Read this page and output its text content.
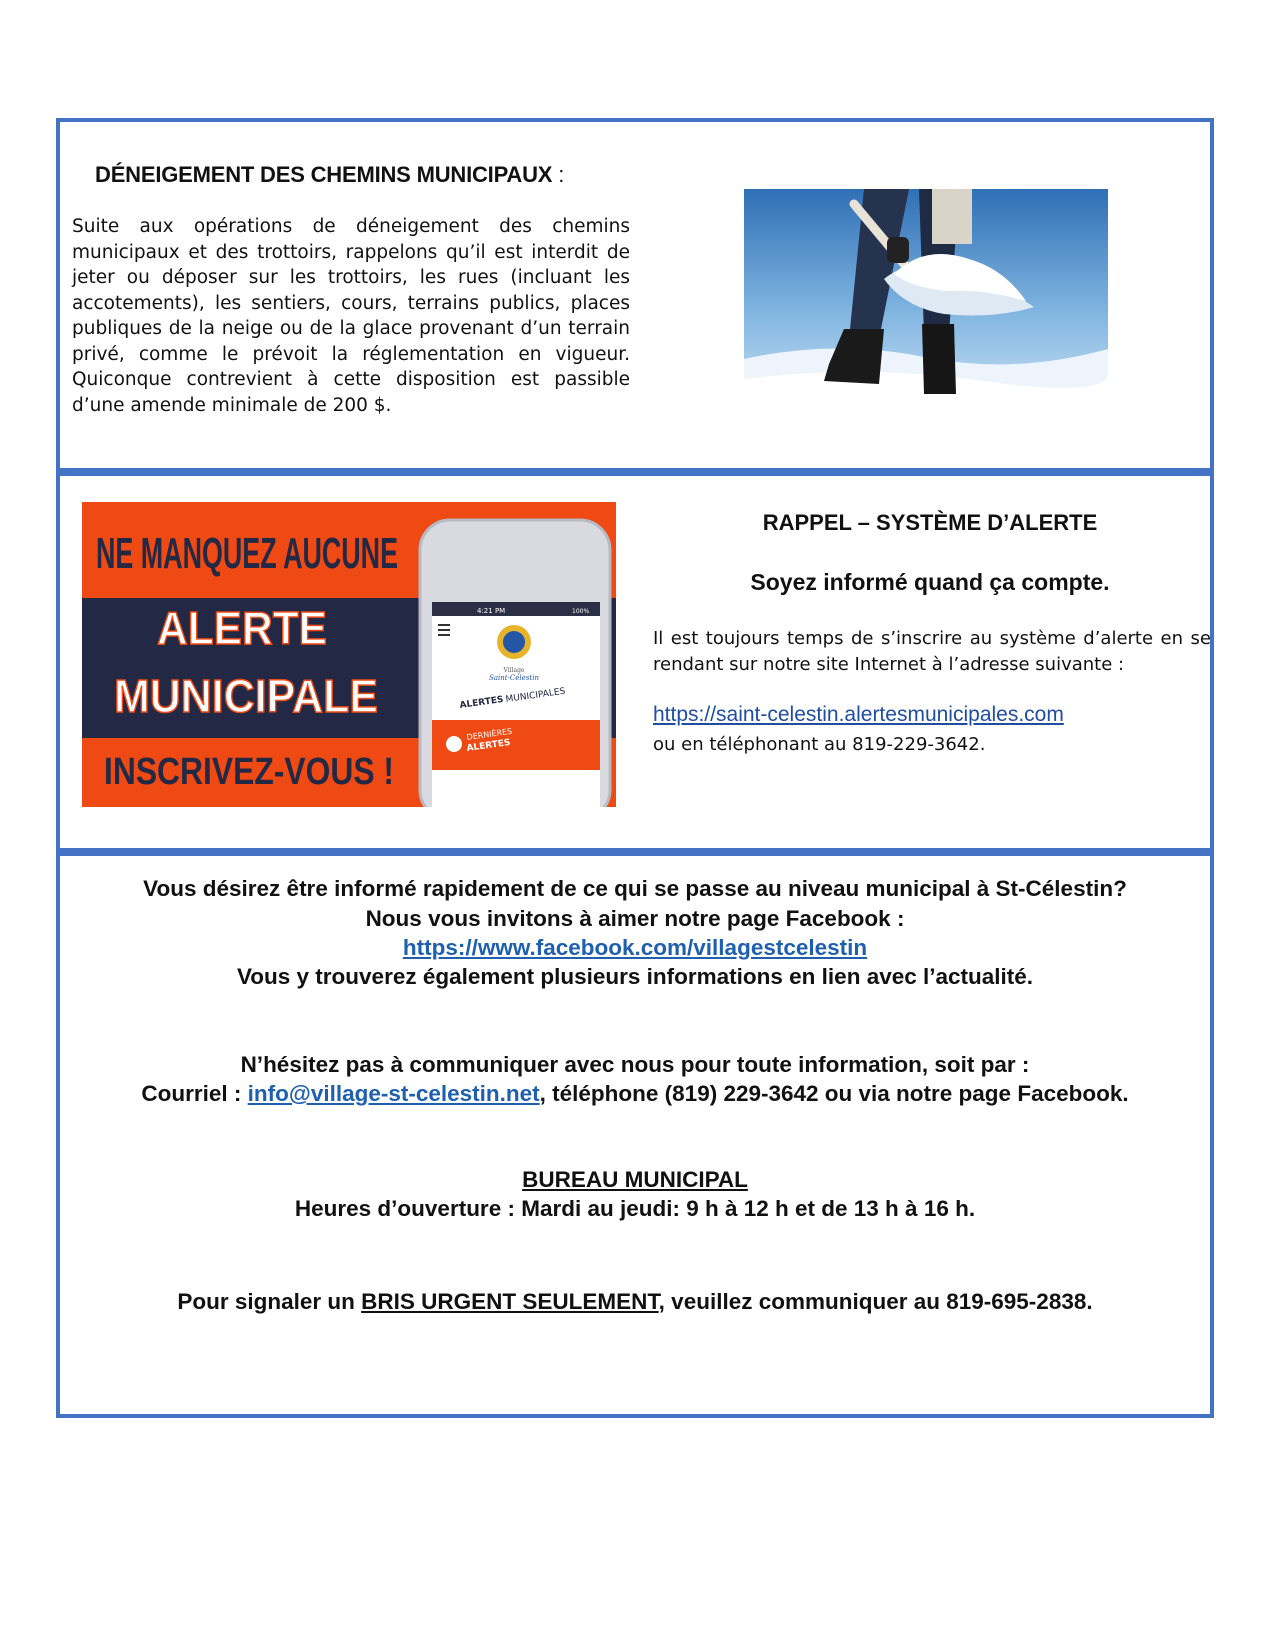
DÉNEIGEMENT DES CHEMINS MUNICIPAUX :
Suite aux opérations de déneigement des chemins municipaux et des trottoirs, rappelons qu’il est interdit de jeter ou déposer sur les trottoirs, les rues (incluant les accotements), les sentiers, cours, terrains publics, places publiques de la neige ou de la glace provenant d’un terrain privé, comme le prévoit la réglementation en vigueur. Quiconque contrevient à cette disposition est passible d’une amende minimale de 200 $.
4:21 PM	100%
Village
Saint-Célestin
ALERTES MUNICIPALES
DERNIÈRES
ALERTES
NE MANQUEZ AUCUNE
ALERTE
MUNICIPALE
INSCRIVEZ-VOUS !
RAPPEL – SYSTÈME D’ALERTE
Soyez informé quand ça compte.
Il est toujours temps de s’inscrire au système d’alerte en se rendant sur notre site Internet à l’adresse suivante :
https://saint-celestin.alertesmunicipales.com
ou en téléphonant au 819-229-3642.
Vous désirez être informé rapidement de ce qui se passe au niveau municipal à St-Célestin?
Nous vous invitons à aimer notre page Facebook :
https://www.facebook.com/villagestcelestin
Vous y trouverez également plusieurs informations en lien avec l’actualité.
N’hésitez pas à communiquer avec nous pour toute information, soit par :
Courriel : info@village-st-celestin.net, téléphone (819) 229-3642 ou via notre page Facebook.
BUREAU MUNICIPAL
Heures d’ouverture : Mardi au jeudi: 9 h à 12 h et de 13 h à 16 h.
Pour signaler un BRIS URGENT SEULEMENT, veuillez communiquer au 819-695-2838.
